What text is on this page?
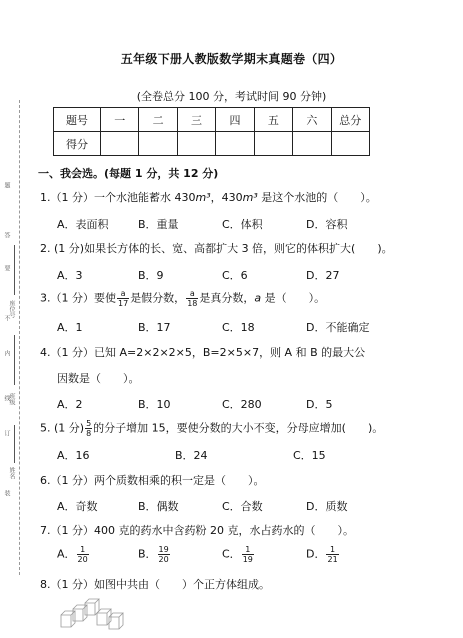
题
答
要
不
内
线
订
装
座位号
班级
姓名
五年级下册人教版数学期末真题卷（四）
(全卷总分 100 分，考试时间 90 分钟)
题号	一	二	三	四	五	六	总分
得分							
一、我会选。(每题 1 分，共 12 分)
1.（1 分）一个水池能蓄水 430m³，430m³ 是这个水池的（　　）。
A．表面积	B．重量	C．体积	D．容积
2. (1 分)如果长方体的长、宽、高都扩大 3 倍，则它的体积扩大(　　)。
A．3	B．9	C．6	D．27
3.（1 分）要使 $\frac{a}{17}$ 是假分数， $\frac{a}{18}$ 是真分数，a 是（　　）。
A．1	B．17	C．18	D．不能确定
4.（1 分）已知 A=2×2×2×5，B=2×5×7，则 A 和 B 的最大公
因数是（　　）。
A．2	B．10	C．280	D．5
5. (1 分) $\frac{5}{8}$ 的分子增加 15，要使分数的大小不变，分母应增加(　　)。
A．16	B．24	C．15
6.（1 分）两个质数相乘的积一定是（　　）。
A．奇数	B．偶数	C．合数	D．质数
7.（1 分）400 克的药水中含药粉 20 克，水占药水的（　　）。
A． $\frac{1}{20}$	B． $\frac{19}{20}$	C． $\frac{1}{19}$	D． $\frac{1}{21}$
8.（1 分）如图中共由（　　）个正方体组成。
